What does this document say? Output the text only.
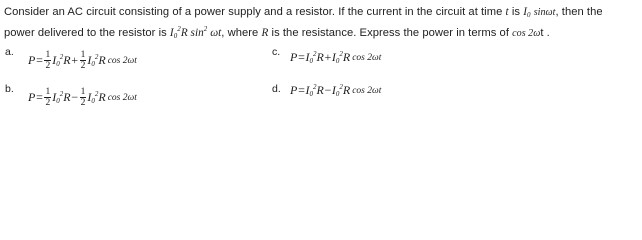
Consider an AC circuit consisting of a power supply and a resistor. If the current in the circuit at time t is $I_0$ sinωt, then the
power delivered to the resistor is $I_0^2R$ $\sin^2 \omega t$, where R is the resistance. Express the power in terms of cos 2ωt .
a.
$P= \frac{1}{2} I_0^2$ $R+ \frac{1}{2} I_0^2$ R cos 2ωt
b.
$P= \frac{1}{2} I_0^2$ $R- \frac{1}{2} I_0^2$ R cos 2ωt
c. $P= I_0^2$ $R+ I_0^2$ R cos 2ωt
d. $P= I_0^2$ $R- I_0^2$ R cos 2ωt
